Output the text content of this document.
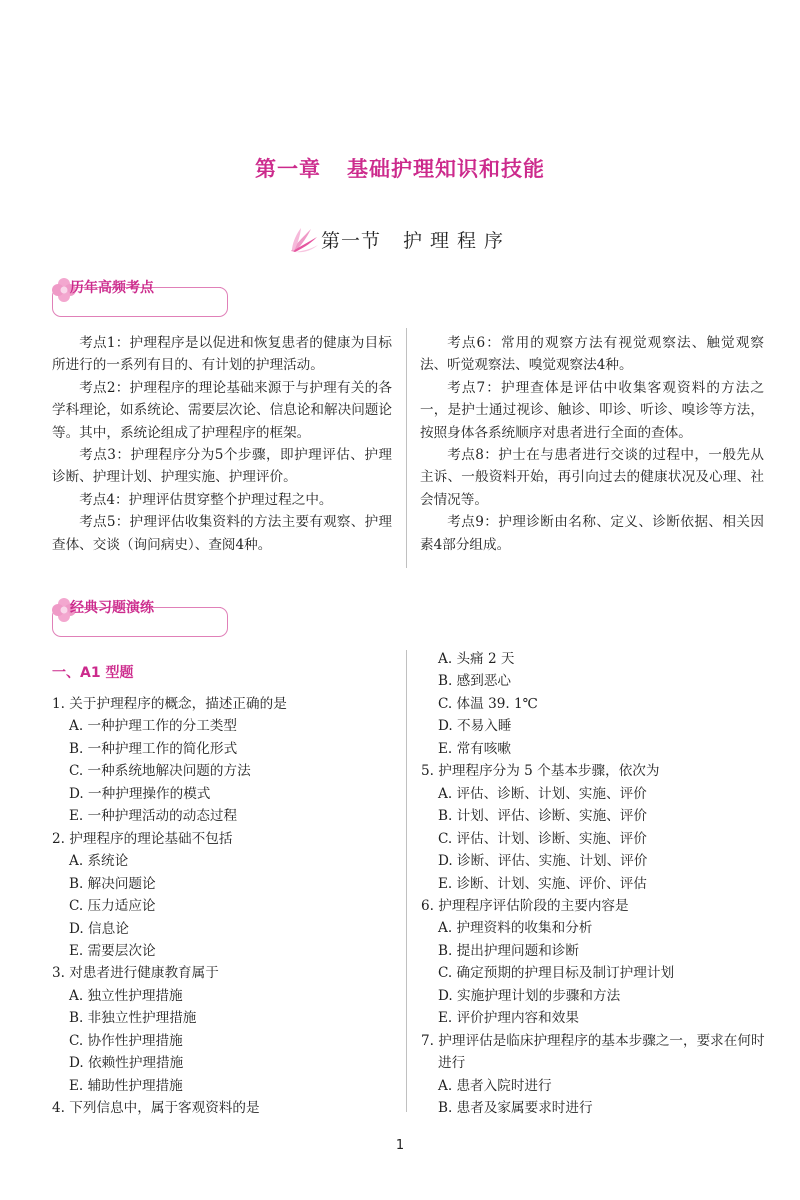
第一章 基础护理知识和技能
第一节 护理程序
历年高频考点

考点1：护理程序是以促进和恢复患者的健康为目标所进行的一系列有目的、有计划的护理活动。

考点2：护理程序的理论基础来源于与护理有关的各学科理论，如系统论、需要层次论、信息论和解决问题论等。其中，系统论组成了护理程序的框架。

考点3：护理程序分为5个步骤，即护理评估、护理诊断、护理计划、护理实施、护理评价。

考点4：护理评估贯穿整个护理过程之中。

考点5：护理评估收集资料的方法主要有观察、护理查体、交谈（询问病史）、查阅4种。

考点6：常用的观察方法有视觉观察法、触觉观察法、听觉观察法、嗅觉观察法4种。

考点7：护理查体是评估中收集客观资料的方法之一，是护士通过视诊、触诊、叩诊、听诊、嗅诊等方法，按照身体各系统顺序对患者进行全面的查体。

考点8：护士在与患者进行交谈的过程中，一般先从主诉、一般资料开始，再引向过去的健康状况及心理、社会情况等。

考点9：护理诊断由名称、定义、诊断依据、相关因素4部分组成。

经典习题演练
一、A1 型题
1. 关于护理程序的概念，描述正确的是
A. 一种护理工作的分工类型
B. 一种护理工作的简化形式
C. 一种系统地解决问题的方法
D. 一种护理操作的模式
E. 一种护理活动的动态过程
2. 护理程序的理论基础不包括
A. 系统论
B. 解决问题论
C. 压力适应论
D. 信息论
E. 需要层次论
3. 对患者进行健康教育属于
A. 独立性护理措施
B. 非独立性护理措施
C. 协作性护理措施
D. 依赖性护理措施
E. 辅助性护理措施
4. 下列信息中，属于客观资料的是
A. 头痛 2 天
B. 感到恶心
C. 体温 39. 1℃
D. 不易入睡
E. 常有咳嗽
5. 护理程序分为 5 个基本步骤，依次为
A. 评估、诊断、计划、实施、评价
B. 计划、评估、诊断、实施、评价
C. 评估、计划、诊断、实施、评价
D. 诊断、评估、实施、计划、评价
E. 诊断、计划、实施、评价、评估
6. 护理程序评估阶段的主要内容是
A. 护理资料的收集和分析
B. 提出护理问题和诊断
C. 确定预期的护理目标及制订护理计划
D. 实施护理计划的步骤和方法
E. 评价护理内容和效果
7. 护理评估是临床护理程序的基本步骤之一，要求在何时进行
A. 患者入院时进行
B. 患者及家属要求时进行
1
